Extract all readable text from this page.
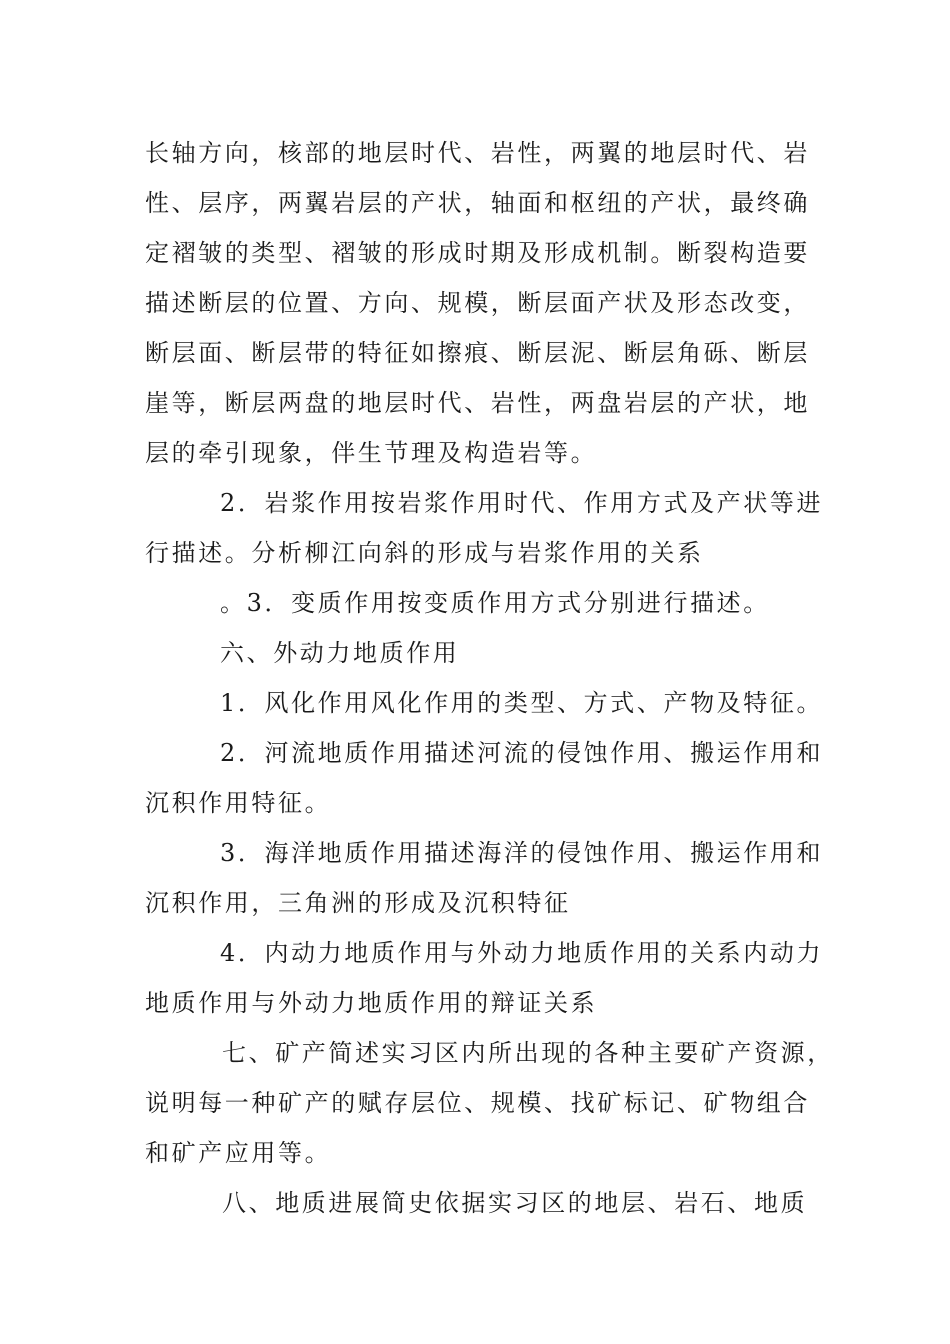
长轴方向，核部的地层时代、岩性，两翼的地层时代、岩
性、层序，两翼岩层的产状，轴面和枢纽的产状，最终确
定褶皱的类型、褶皱的形成时期及形成机制。断裂构造要
描述断层的位置、方向、规模，断层面产状及形态改变，
断层面、断层带的特征如擦痕、断层泥、断层角砾、断层
崖等，断层两盘的地层时代、岩性，两盘岩层的产状，地
层的牵引现象，伴生节理及构造岩等。
2．岩浆作用按岩浆作用时代、作用方式及产状等进
行描述。分析柳江向斜的形成与岩浆作用的关系
。3．变质作用按变质作用方式分别进行描述。
六、外动力地质作用
1．风化作用风化作用的类型、方式、产物及特征。
2．河流地质作用描述河流的侵蚀作用、搬运作用和
沉积作用特征。
3．海洋地质作用描述海洋的侵蚀作用、搬运作用和
沉积作用，三角洲的形成及沉积特征
4．内动力地质作用与外动力地质作用的关系内动力
地质作用与外动力地质作用的辩证关系
七、矿产简述实习区内所出现的各种主要矿产资源，
说明每一种矿产的赋存层位、规模、找矿标记、矿物组合
和矿产应用等。
八、地质进展简史依据实习区的地层、岩石、地质
